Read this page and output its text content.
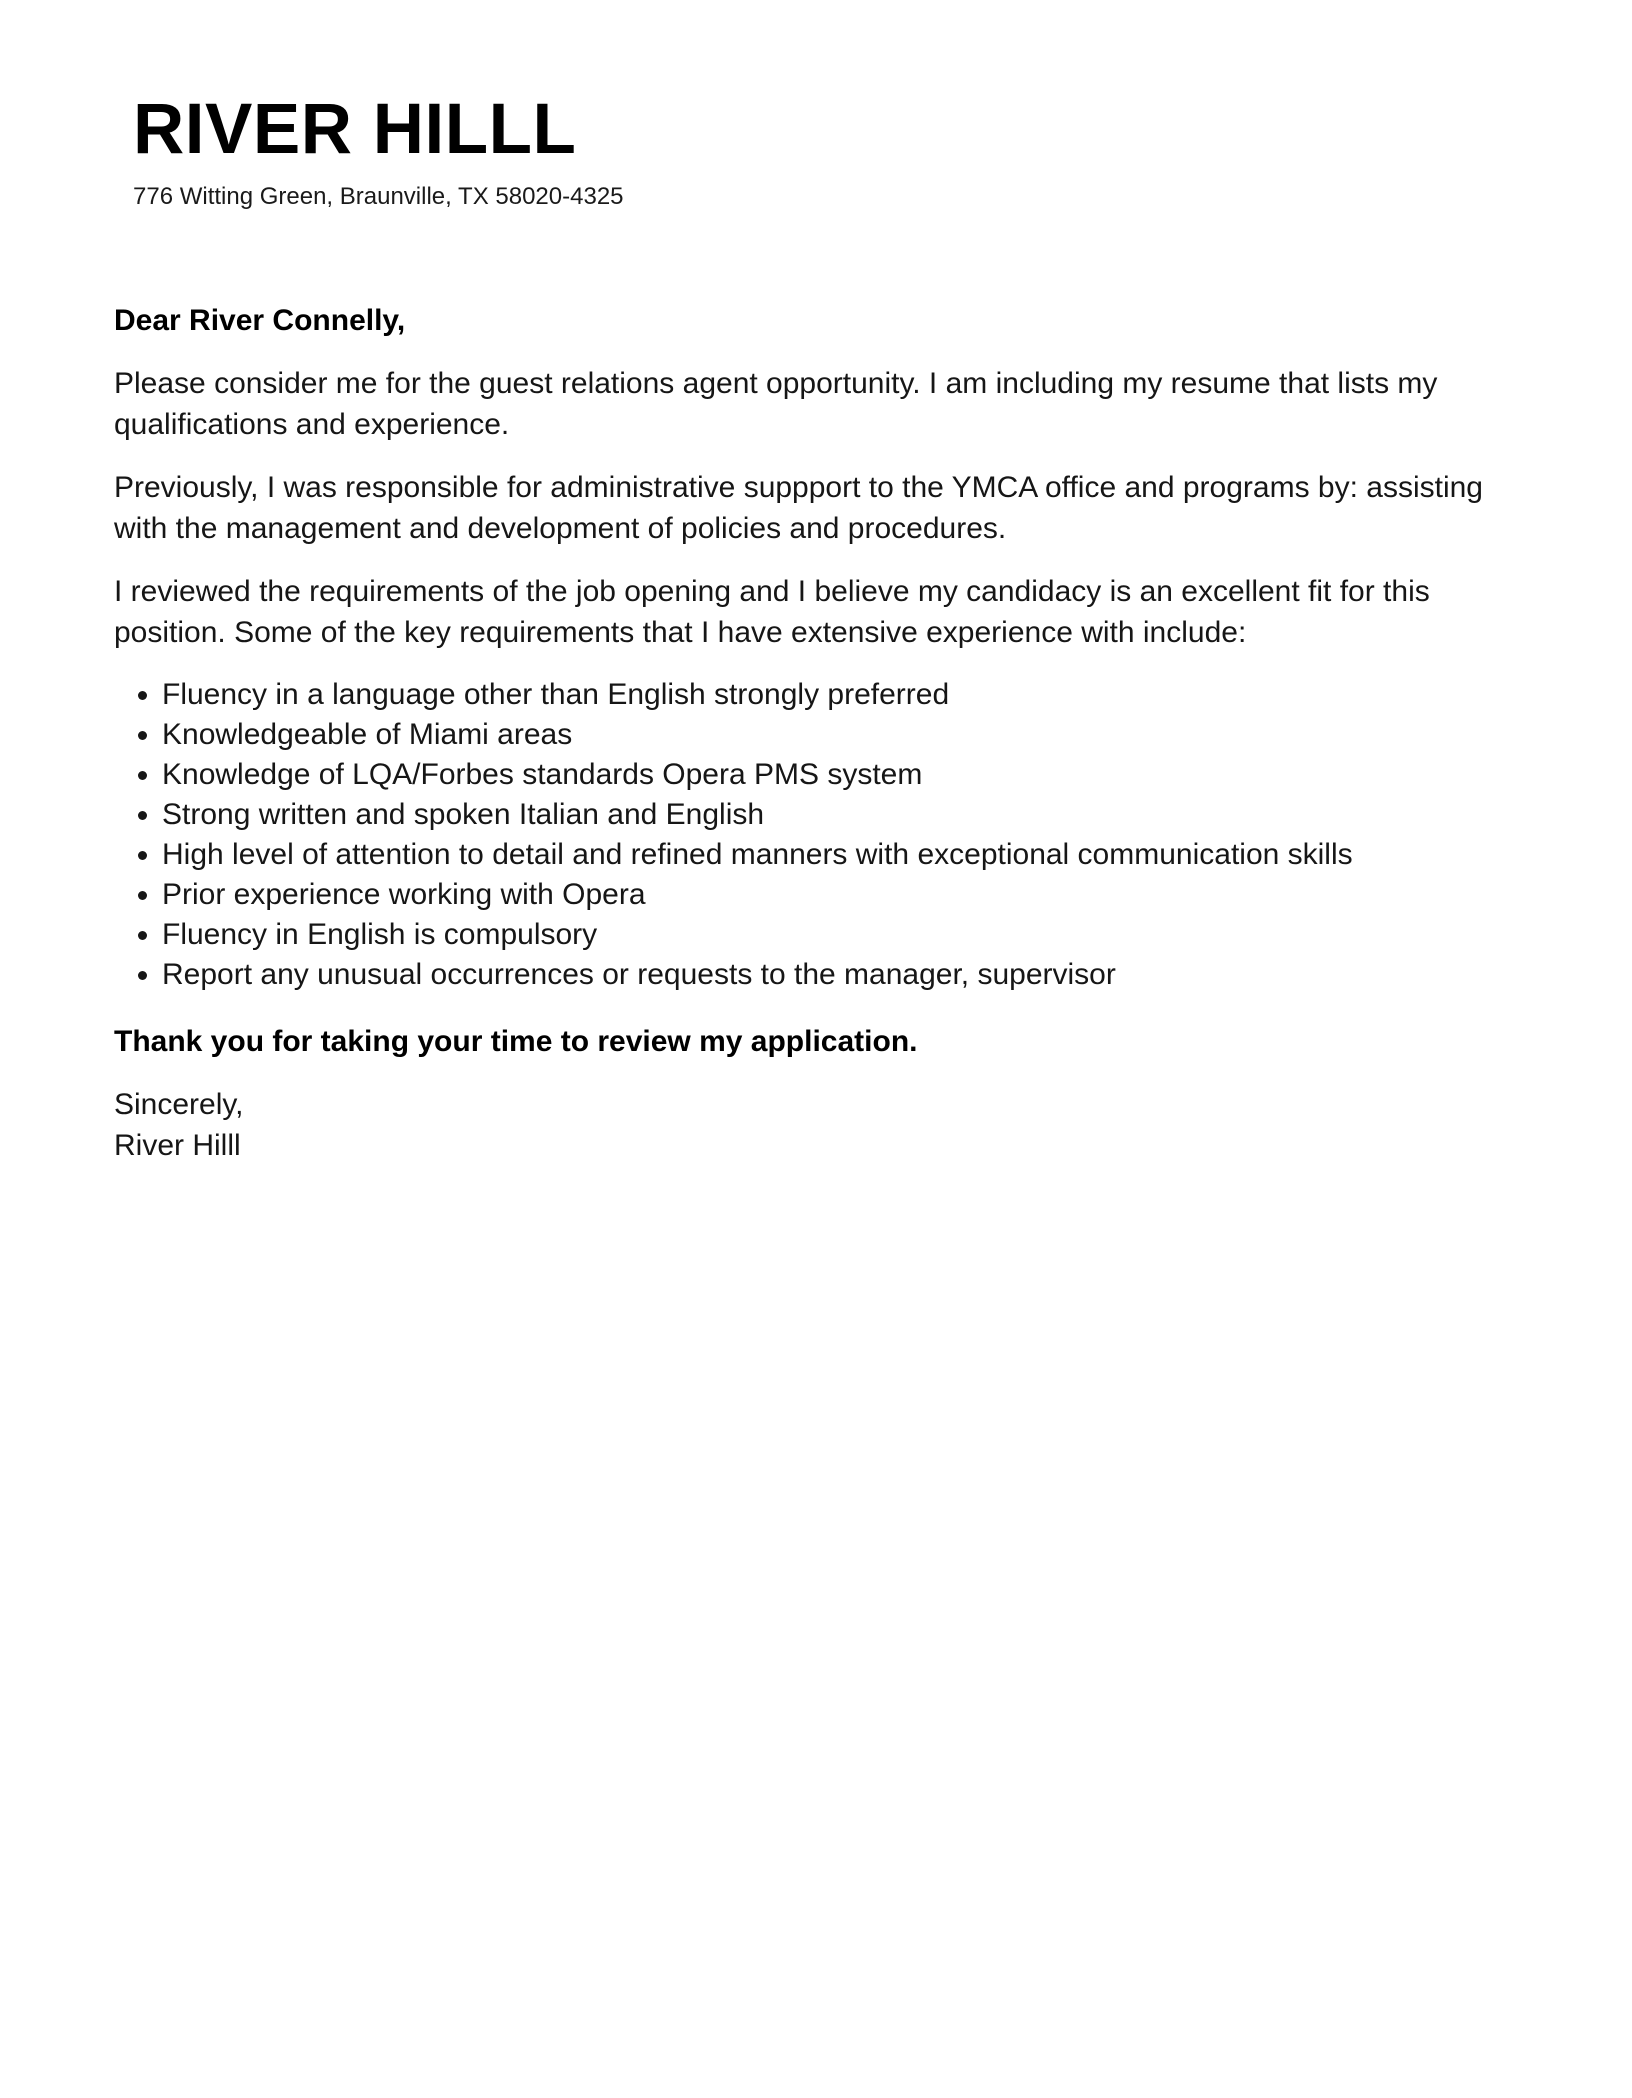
RIVER HILLL

776 Witting Green, Braunville, TX 58020-4325

Dear River Connelly,

Please consider me for the guest relations agent opportunity. I am including my resume that lists my qualifications and experience.

Previously, I was responsible for administrative suppport to the YMCA office and programs by: assisting with the management and development of policies and procedures.

I reviewed the requirements of the job opening and I believe my candidacy is an excellent fit for this position. Some of the key requirements that I have extensive experience with include:

Fluency in a language other than English strongly preferred
Knowledgeable of Miami areas
Knowledge of LQA/Forbes standards Opera PMS system
Strong written and spoken Italian and English
High level of attention to detail and refined manners with exceptional communication skills
Prior experience working with Opera
Fluency in English is compulsory
Report any unusual occurrences or requests to the manager, supervisor

Thank you for taking your time to review my application.

Sincerely,

River Hilll
